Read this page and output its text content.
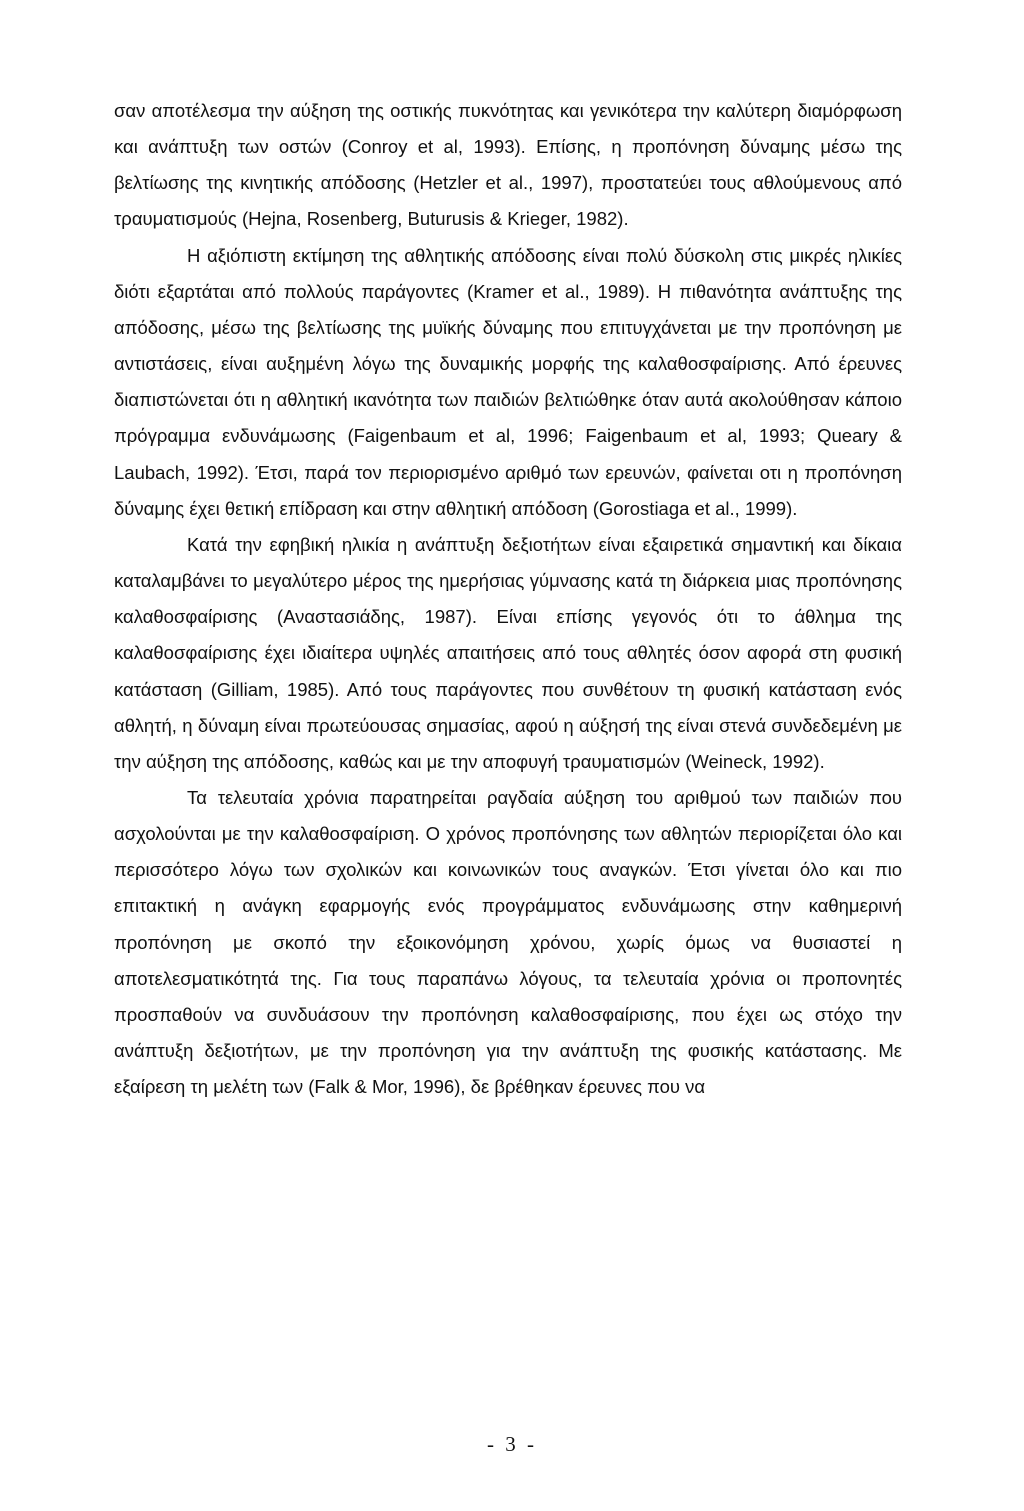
σαν αποτέλεσμα την αύξηση της οστικής πυκνότητας και γενικότερα την καλύτερη διαμόρφωση και ανάπτυξη των οστών (Conroy et al, 1993). Επίσης, η προπόνηση δύναμης μέσω της βελτίωσης της κινητικής απόδοσης (Hetzler et al., 1997), προστατεύει τους αθλούμενους από τραυματισμούς (Hejna, Rosenberg, Buturusis & Krieger, 1982).

Η αξιόπιστη εκτίμηση της αθλητικής απόδοσης είναι πολύ δύσκολη στις μικρές ηλικίες διότι εξαρτάται από πολλούς παράγοντες (Kramer et al., 1989). Η πιθανότητα ανάπτυξης της απόδοσης, μέσω της βελτίωσης της μυϊκής δύναμης που επιτυγχάνεται με την προπόνηση με αντιστάσεις, είναι αυξημένη λόγω της δυναμικής μορφής της καλαθοσφαίρισης. Από έρευνες διαπιστώνεται ότι η αθλητική ικανότητα των παιδιών βελτιώθηκε όταν αυτά ακολούθησαν κάποιο πρόγραμμα ενδυνάμωσης (Faigenbaum et al, 1996; Faigenbaum et al, 1993; Queary & Laubach, 1992). Έτσι, παρά τον περιορισμένο αριθμό των ερευνών, φαίνεται οτι η προπόνηση δύναμης έχει θετική επίδραση και στην αθλητική απόδοση (Gorostiaga et al., 1999).

Κατά την εφηβική ηλικία η ανάπτυξη δεξιοτήτων είναι εξαιρετικά σημαντική και δίκαια καταλαμβάνει το μεγαλύτερο μέρος της ημερήσιας γύμνασης κατά τη διάρκεια μιας προπόνησης καλαθοσφαίρισης (Αναστασιάδης, 1987). Είναι επίσης γεγονός ότι το άθλημα της καλαθοσφαίρισης έχει ιδιαίτερα υψηλές απαιτήσεις από τους αθλητές όσον αφορά στη φυσική κατάσταση (Gilliam, 1985). Από τους παράγοντες που συνθέτουν τη φυσική κατάσταση ενός αθλητή, η δύναμη είναι πρωτεύουσας σημασίας, αφού η αύξησή της είναι στενά συνδεδεμένη με την αύξηση της απόδοσης, καθώς και με την αποφυγή τραυματισμών (Weineck, 1992).

Τα τελευταία χρόνια παρατηρείται ραγδαία αύξηση του αριθμού των παιδιών που ασχολούνται με την καλαθοσφαίριση. Ο χρόνος προπόνησης των αθλητών περιορίζεται όλο και περισσότερο λόγω των σχολικών και κοινωνικών τους αναγκών. Έτσι γίνεται όλο και πιο επιτακτική η ανάγκη εφαρμογής ενός προγράμματος ενδυνάμωσης στην καθημερινή προπόνηση με σκοπό την εξοικονόμηση χρόνου, χωρίς όμως να θυσιαστεί η αποτελεσματικότητά της. Για τους παραπάνω λόγους, τα τελευταία χρόνια οι προπονητές προσπαθούν να συνδυάσουν την προπόνηση καλαθοσφαίρισης, που έχει ως στόχο την ανάπτυξη δεξιοτήτων, με την προπόνηση για την ανάπτυξη της φυσικής κατάστασης. Με εξαίρεση τη μελέτη των (Falk & Mor, 1996), δε βρέθηκαν έρευνες που να

- 3 -
